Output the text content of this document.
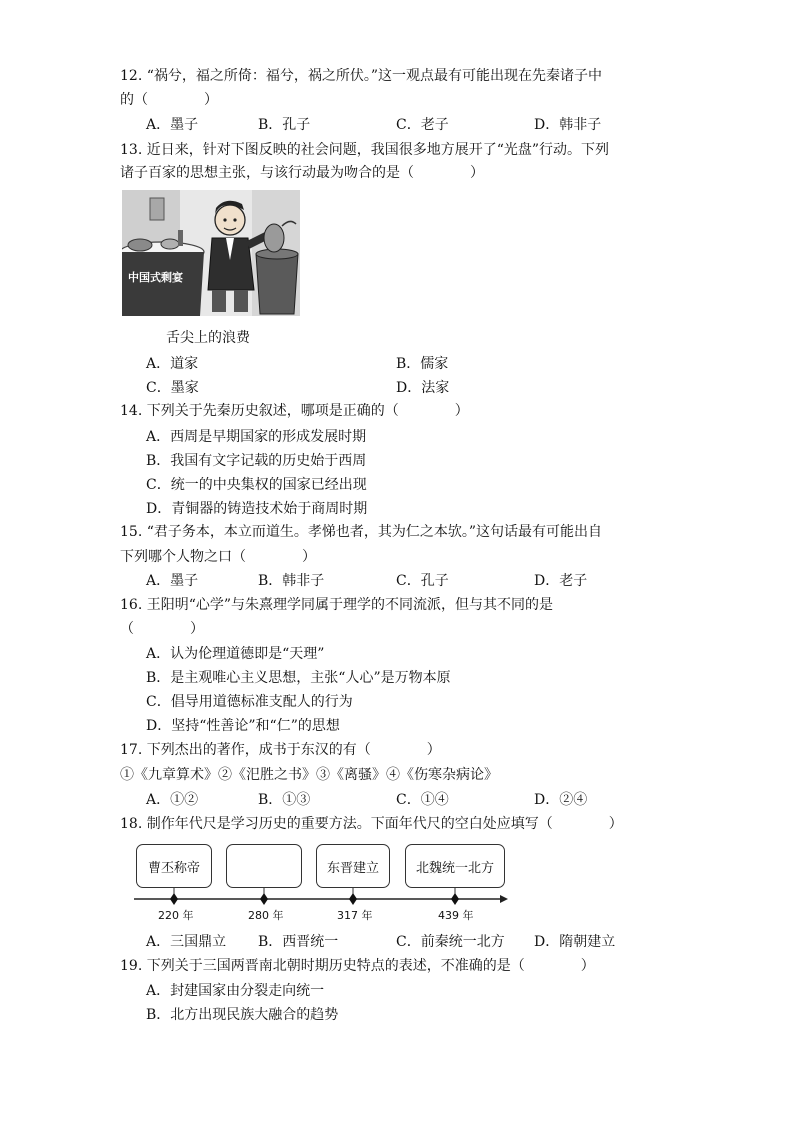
12. “祸兮，福之所倚：福兮，祸之所伏。”这一观点最有可能出现在先秦诸子中
的（　　　　）
A．墨子	B．孔子	C．老子	D．韩非子
13. 近日来，针对下图反映的社会问题，我国很多地方展开了“光盘”行动。下列
诸子百家的思想主张，与该行动最为吻合的是（　　　　）
中国式剩宴
舌尖上的浪费
A．道家	B．儒家
C．墨家	D．法家
14. 下列关于先秦历史叙述，哪项是正确的（　　　　）
A．西周是早期国家的形成发展时期
B．我国有文字记载的历史始于西周
C．统一的中央集权的国家已经出现
D．青铜器的铸造技术始于商周时期
15. “君子务本，本立而道生。孝悌也者，其为仁之本欤。”这句话最有可能出自
下列哪个人物之口（　　　　）
A．墨子	B．韩非子	C．孔子	D．老子
16. 王阳明“心学”与朱熹理学同属于理学的不同流派，但与其不同的是
（　　　　）
A．认为伦理道德即是“天理”
B．是主观唯心主义思想，主张“人心”是万物本原
C．倡导用道德标准支配人的行为
D．坚持“性善论”和“仁”的思想
17. 下列杰出的著作，成书于东汉的有（　　　　）
①《九章算术》②《汜胜之书》③《离骚》④《伤寒杂病论》
A．①②	B．①③	C．①④	D．②④
18. 制作年代尺是学习历史的重要方法。下面年代尺的空白处应填写（　　　　）
曹丕称帝	东晋建立	北魏统一北方
220 年	280 年	317 年	439 年
A．三国鼎立 B．西晋统一	C．前秦统一北方 D．隋朝建立
19. 下列关于三国两晋南北朝时期历史特点的表述，不准确的是（　　　　）
A．封建国家由分裂走向统一
B．北方出现民族大融合的趋势
